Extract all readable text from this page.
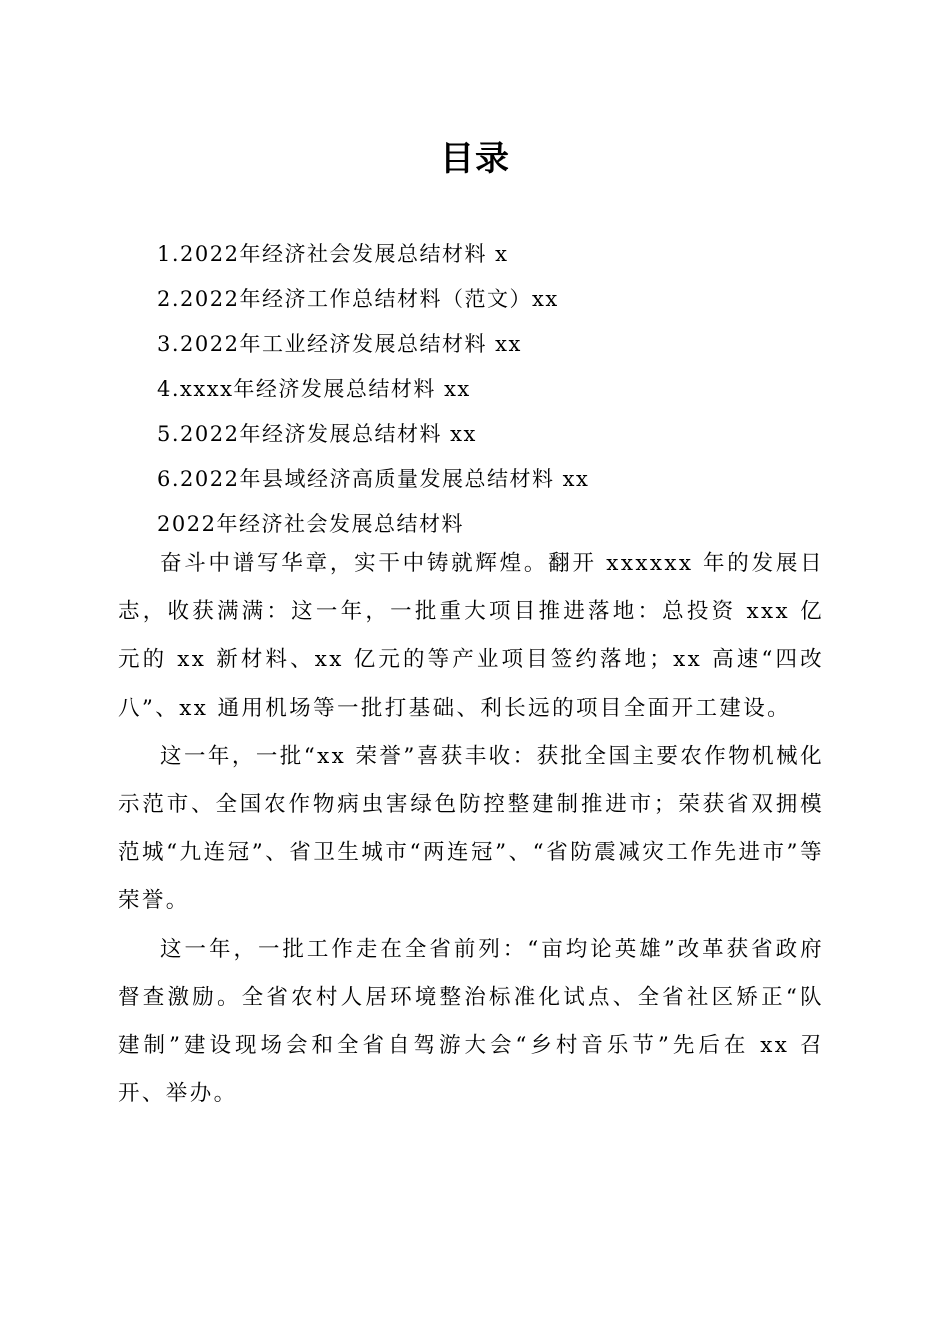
目录
1.2022年经济社会发展总结材料 x
2.2022年经济工作总结材料（范文）xx
3.2022年工业经济发展总结材料 xx
4.xxxx年经济发展总结材料 xx
5.2022年经济发展总结材料 xx
6.2022年县域经济高质量发展总结材料 xx
2022年经济社会发展总结材料

奋斗中谱写华章，实干中铸就辉煌。翻开 xxxxxx 年的发展日志，收获满满：这一年，一批重大项目推进落地：总投资 xxx 亿元的 xx 新材料、xx 亿元的等产业项目签约落地；xx 高速“四改八”、xx 通用机场等一批打基础、利长远的项目全面开工建设。

这一年，一批“xx 荣誉”喜获丰收：获批全国主要农作物机械化示范市、全国农作物病虫害绿色防控整建制推进市；荣获省双拥模范城“九连冠”、省卫生城市“两连冠”、“省防震减灾工作先进市”等荣誉。

这一年，一批工作走在全省前列：“亩均论英雄”改革获省政府督查激励。全省农村人居环境整治标准化试点、全省社区矫正“队建制”建设现场会和全省自驾游大会“乡村音乐节”先后在 xx 召开、举办。
